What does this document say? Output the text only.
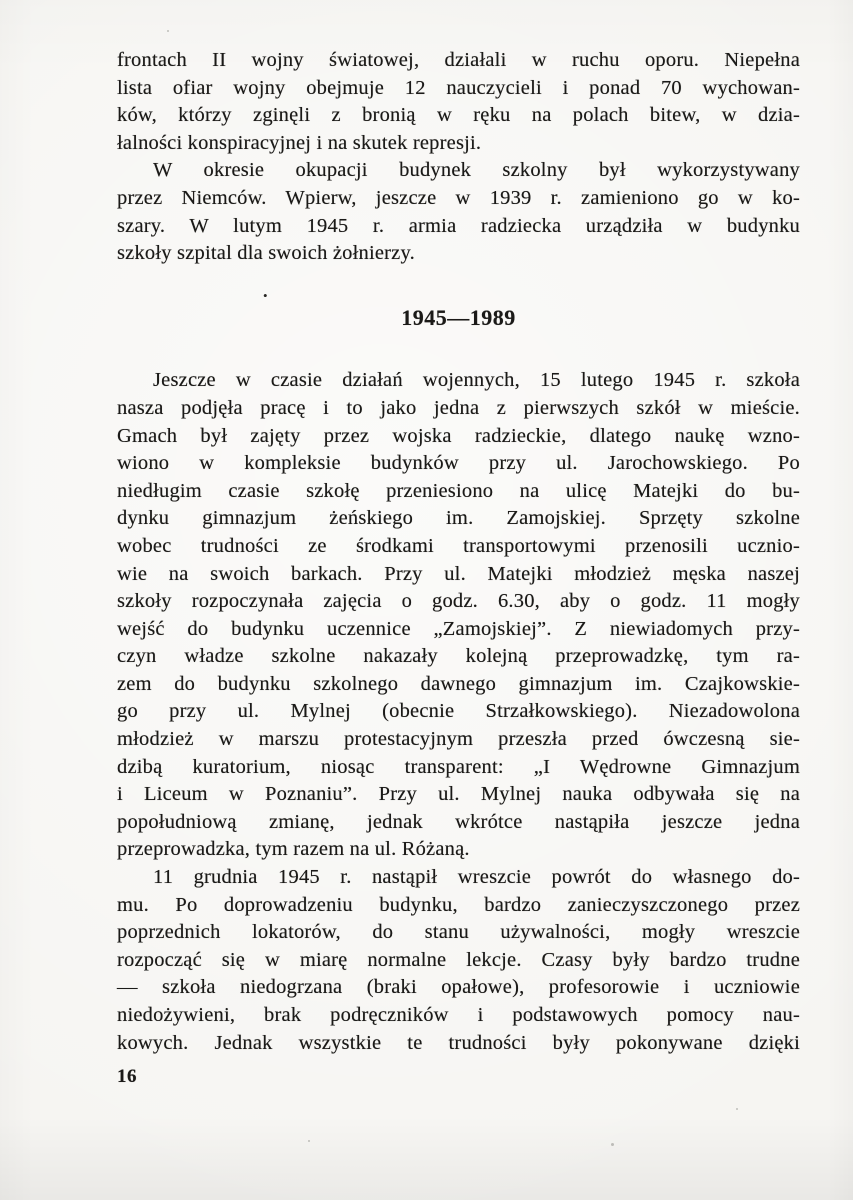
frontach II wojny światowej, działali w ruchu oporu. Niepełna
lista ofiar wojny obejmuje 12 nauczycieli i ponad 70 wychowan-
ków, którzy zginęli z bronią w ręku na polach bitew, w dzia-
łalności konspiracyjnej i na skutek represji.
W okresie okupacji budynek szkolny był wykorzystywany
przez Niemców. Wpierw, jeszcze w 1939 r. zamieniono go w ko-
szary. W lutym 1945 r. armia radziecka urządziła w budynku
szkoły szpital dla swoich żołnierzy.
1945—1989
Jeszcze w czasie działań wojennych, 15 lutego 1945 r. szkoła
nasza podjęła pracę i to jako jedna z pierwszych szkół w mieście.
Gmach był zajęty przez wojska radzieckie, dlatego naukę wzno-
wiono w kompleksie budynków przy ul. Jarochowskiego. Po
niedługim czasie szkołę przeniesiono na ulicę Matejki do bu-
dynku gimnazjum żeńskiego im. Zamojskiej. Sprzęty szkolne
wobec trudności ze środkami transportowymi przenosili ucznio-
wie na swoich barkach. Przy ul. Matejki młodzież męska naszej
szkoły rozpoczynała zajęcia o godz. 6.30, aby o godz. 11 mogły
wejść do budynku uczennice „Zamojskiej”. Z niewiadomych przy-
czyn władze szkolne nakazały kolejną przeprowadzkę, tym ra-
zem do budynku szkolnego dawnego gimnazjum im. Czajkowskie-
go przy ul. Mylnej (obecnie Strzałkowskiego). Niezadowolona
młodzież w marszu protestacyjnym przeszła przed ówczesną sie-
dzibą kuratorium, niosąc transparent: „I Wędrowne Gimnazjum
i Liceum w Poznaniu”. Przy ul. Mylnej nauka odbywała się na
popołudniową zmianę, jednak wkrótce nastąpiła jeszcze jedna
przeprowadzka, tym razem na ul. Różaną.
11 grudnia 1945 r. nastąpił wreszcie powrót do własnego do-
mu. Po doprowadzeniu budynku, bardzo zanieczyszczonego przez
poprzednich lokatorów, do stanu używalności, mogły wreszcie
rozpocząć się w miarę normalne lekcje. Czasy były bardzo trudne
— szkoła niedogrzana (braki opałowe), profesorowie i uczniowie
niedożywieni, brak podręczników i podstawowych pomocy nau-
kowych. Jednak wszystkie te trudności były pokonywane dzięki
•
16
